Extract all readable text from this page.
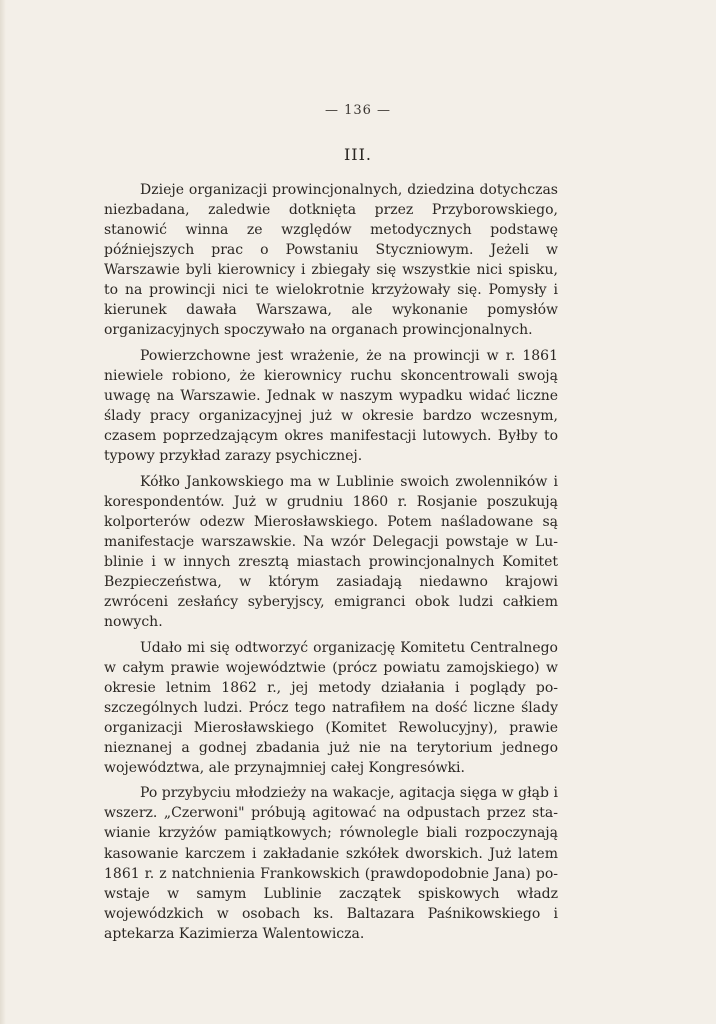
— 136 —
III.

Dzieje organizacji prowincjonalnych, dziedzina dotychczas niezbadana, zaledwie dotknięta przez Przyborowskiego, stanowić winna ze względów metodycznych podstawę późniejszych prac o Powstaniu Styczniowym. Jeżeli w Warszawie byli kierownicy i zbiegały się wszystkie nici spisku, to na prowincji nici te wielokrotnie krzyżowały się. Pomysły i kierunek dawała Warszawa, ale wykonanie pomysłów organizacyjnych spoczywało na organach prowincjonalnych.

Powierzchowne jest wrażenie, że na prowincji w r. 1861 niewiele robiono, że kierownicy ruchu skoncentrowali swoją uwagę na Warszawie. Jednak w naszym wypadku widać liczne ślady pracy organizacyjnej już w okresie bardzo wczesnym, czasem poprzedzającym okres manifestacji lutowych. Byłby to typowy przykład zarazy psychicznej.

Kółko Jankowskiego ma w Lublinie swoich zwolenników i korespondentów. Już w grudniu 1860 r. Rosjanie poszukują kolporterów odezw Mierosławskiego. Potem naśladowane są manifestacje warszawskie. Na wzór Delegacji powstaje w Lublinie i w innych zresztą miastach prowincjonalnych Komitet Bezpieczeństwa, w którym zasiadają niedawno krajowi zwróceni zesłańcy syberyjscy, emigranci obok ludzi całkiem nowych.

Udało mi się odtworzyć organizację Komitetu Centralnego w całym prawie województwie (prócz powiatu zamojskiego) w okresie letnim 1862 r., jej metody działania i poglądy poszczególnych ludzi. Prócz tego natrafiłem na dość liczne ślady organizacji Mierosławskiego (Komitet Rewolucyjny), prawie nieznanej a godnej zbadania już nie na terytorium jednego województwa, ale przynajmniej całej Kongresówki.

Po przybyciu młodzieży na wakacje, agitacja sięga w głąb i wszerz. „Czerwoni" próbują agitować na odpustach przez stawianie krzyżów pamiątkowych; równolegle biali rozpoczynają kasowanie karczem i zakładanie szkółek dworskich. Już latem 1861 r. z natchnienia Frankowskich (prawdopodobnie Jana) powstaje w samym Lublinie zaczątek spiskowych władz wojewódzkich w osobach ks. Baltazara Paśnikowskiego i aptekarza Kazimierza Walentowicza.
